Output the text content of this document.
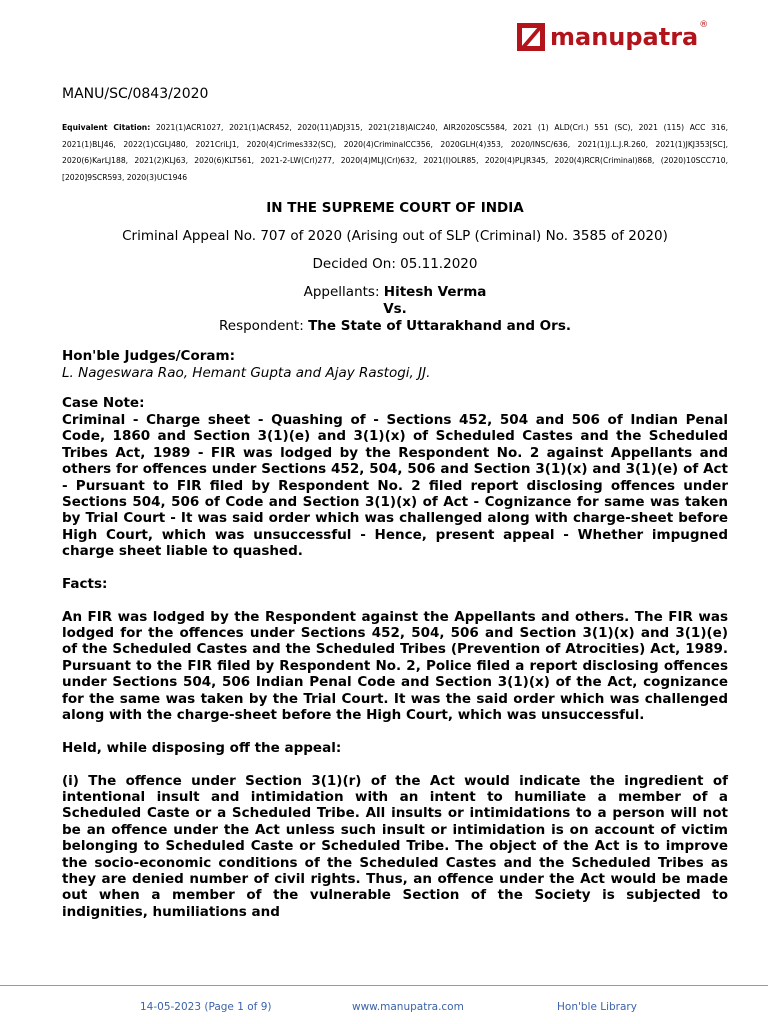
manupatra ®

MANU/SC/0843/2020

Equivalent Citation: 2021(1)ACR1027, 2021(1)ACR452, 2020(11)ADJ315, 2021(218)AIC240, AIR2020SC5584, 2021 (1) ALD(Crl.) 551 (SC), 2021 (115) ACC 316, 2021(1)BLJ46, 2022(1)CGLJ480, 2021CriLJ1, 2020(4)Crimes332(SC), 2020(4)CriminalCC356, 2020GLH(4)353, 2020/INSC/636, 2021(1)J.L.J.R.260, 2021(1)JKJ353[SC], 2020(6)KarLJ188, 2021(2)KLJ63, 2020(6)KLT561, 2021-2-LW(Crl)277, 2020(4)MLJ(Crl)632, 2021(I)OLR85, 2020(4)PLJR345, 2020(4)RCR(Criminal)868, (2020)10SCC710, [2020]9SCR593, 2020(3)UC1946

IN THE SUPREME COURT OF INDIA

Criminal Appeal No. 707 of 2020 (Arising out of SLP (Criminal) No. 3585 of 2020)

Decided On: 05.11.2020

Appellants: Hitesh Verma
Vs.
Respondent: The State of Uttarakhand and Ors.

Hon'ble Judges/Coram:

L. Nageswara Rao, Hemant Gupta and Ajay Rastogi, JJ.

Case Note:

Criminal - Charge sheet - Quashing of - Sections 452, 504 and 506 of Indian Penal Code, 1860 and Section 3(1)(e) and 3(1)(x) of Scheduled Castes and the Scheduled Tribes Act, 1989 - FIR was lodged by the Respondent No. 2 against Appellants and others for offences under Sections 452, 504, 506 and Section 3(1)(x) and 3(1)(e) of Act - Pursuant to FIR filed by Respondent No. 2 filed report disclosing offences under Sections 504, 506 of Code and Section 3(1)(x) of Act - Cognizance for same was taken by Trial Court - It was said order which was challenged along with charge-sheet before High Court, which was unsuccessful - Hence, present appeal - Whether impugned charge sheet liable to quashed.

Facts:

An FIR was lodged by the Respondent against the Appellants and others. The FIR was lodged for the offences under Sections 452, 504, 506 and Section 3(1)(x) and 3(1)(e) of the Scheduled Castes and the Scheduled Tribes (Prevention of Atrocities) Act, 1989. Pursuant to the FIR filed by Respondent No. 2, Police filed a report disclosing offences under Sections 504, 506 Indian Penal Code and Section 3(1)(x) of the Act, cognizance for the same was taken by the Trial Court. It was the said order which was challenged along with the charge-sheet before the High Court, which was unsuccessful.

Held, while disposing off the appeal:

(i) The offence under Section 3(1)(r) of the Act would indicate the ingredient of intentional insult and intimidation with an intent to humiliate a member of a Scheduled Caste or a Scheduled Tribe. All insults or intimidations to a person will not be an offence under the Act unless such insult or intimidation is on account of victim belonging to Scheduled Caste or Scheduled Tribe. The object of the Act is to improve the socio-economic conditions of the Scheduled Castes and the Scheduled Tribes as they are denied number of civil rights. Thus, an offence under the Act would be made out when a member of the vulnerable Section of the Society is subjected to indignities, humiliations and

14-05-2023 (Page 1 of 9)	www.manupatra.com	Hon'ble Library
